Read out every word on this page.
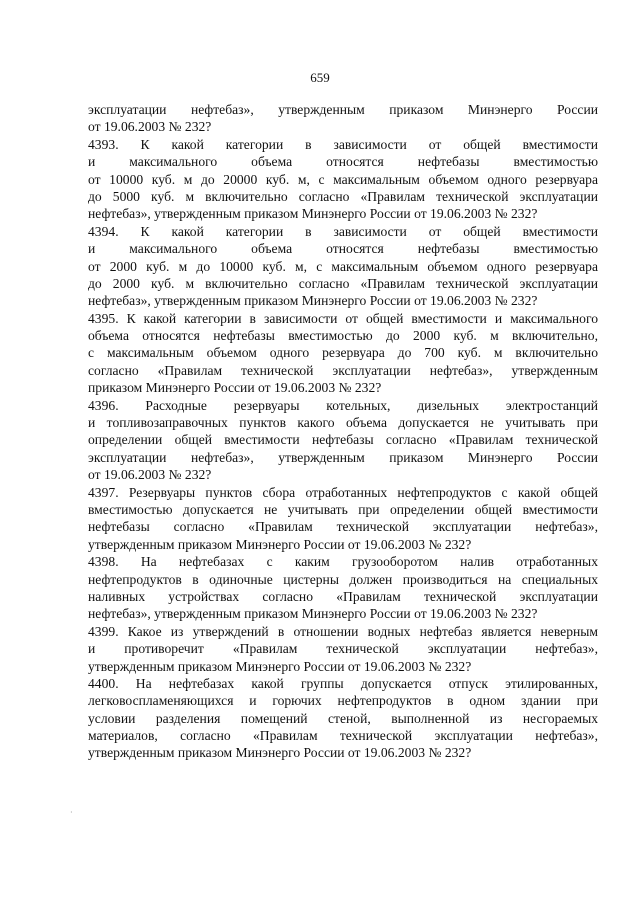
659
эксплуатации нефтебаз», утвержденным приказом Минэнерго России
от 19.06.2003 № 232?
4393. К какой категории в зависимости от общей вместимости
и максимального объема относятся нефтебазы вместимостью
от 10000 куб. м до 20000 куб. м, с максимальным объемом одного резервуара
до 5000 куб. м включительно согласно «Правилам технической эксплуатации
нефтебаз», утвержденным приказом Минэнерго России от 19.06.2003 № 232?
4394. К какой категории в зависимости от общей вместимости
и максимального объема относятся нефтебазы вместимостью
от 2000 куб. м до 10000 куб. м, с максимальным объемом одного резервуара
до 2000 куб. м включительно согласно «Правилам технической эксплуатации
нефтебаз», утвержденным приказом Минэнерго России от 19.06.2003 № 232?
4395. К какой категории в зависимости от общей вместимости и максимального
объема относятся нефтебазы вместимостью до 2000 куб. м включительно,
с максимальным объемом одного резервуара до 700 куб. м включительно
согласно «Правилам технической эксплуатации нефтебаз», утвержденным
приказом Минэнерго России от 19.06.2003 № 232?
4396. Расходные резервуары котельных, дизельных электростанций
и топливозаправочных пунктов какого объема допускается не учитывать при
определении общей вместимости нефтебазы согласно «Правилам технической
эксплуатации нефтебаз», утвержденным приказом Минэнерго России
от 19.06.2003 № 232?
4397. Резервуары пунктов сбора отработанных нефтепродуктов с какой общей
вместимостью допускается не учитывать при определении общей вместимости
нефтебазы согласно «Правилам технической эксплуатации нефтебаз»,
утвержденным приказом Минэнерго России от 19.06.2003 № 232?
4398. На нефтебазах с каким грузооборотом налив отработанных
нефтепродуктов в одиночные цистерны должен производиться на специальных
наливных устройствах согласно «Правилам технической эксплуатации
нефтебаз», утвержденным приказом Минэнерго России от 19.06.2003 № 232?
4399. Какое из утверждений в отношении водных нефтебаз является неверным
и противоречит «Правилам технической эксплуатации нефтебаз»,
утвержденным приказом Минэнерго России от 19.06.2003 № 232?
4400. На нефтебазах какой группы допускается отпуск этилированных,
легковоспламеняющихся и горючих нефтепродуктов в одном здании при
условии разделения помещений стеной, выполненной из несгораемых
материалов, согласно «Правилам технической эксплуатации нефтебаз»,
утвержденным приказом Минэнерго России от 19.06.2003 № 232?
·
